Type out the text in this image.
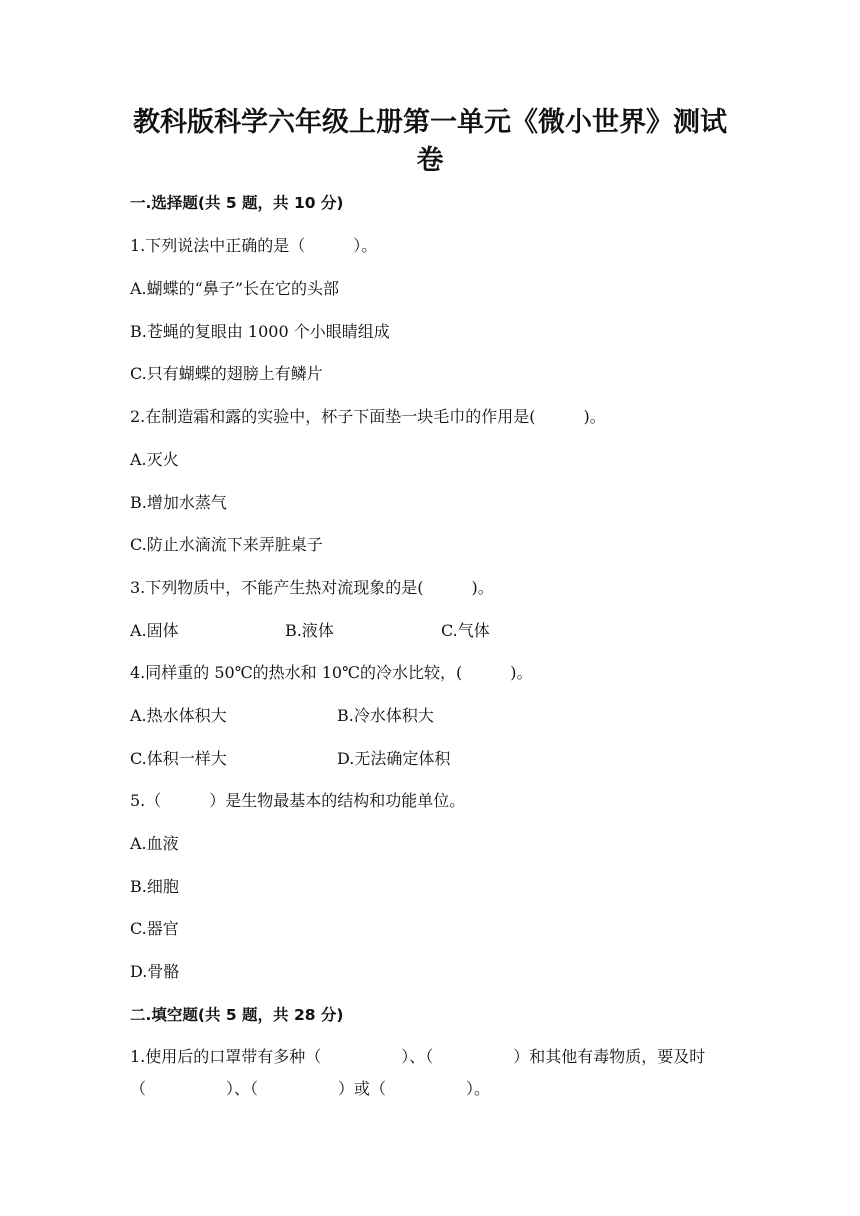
教科版科学六年级上册第一单元《微小世界》测试卷
一.选择题(共 5 题，共 10 分)
1.下列说法中正确的是（　　　）。
A.蝴蝶的“鼻子”长在它的头部
B.苍蝇的复眼由 1000 个小眼睛组成
C.只有蝴蝶的翅膀上有鳞片
2.在制造霜和露的实验中，杯子下面垫一块毛巾的作用是(　　　)。
A.灭火
B.增加水蒸气
C.防止水滴流下来弄脏桌子
3.下列物质中，不能产生热对流现象的是(　　　)。
A.固体	B.液体	C.气体
4.同样重的 50℃的热水和 10℃的冷水比较，(　　　)。
A.热水体积大	B.冷水体积大
C.体积一样大	D.无法确定体积
5.（　　　）是生物最基本的结构和功能单位。
A.血液
B.细胞
C.器官
D.骨骼
二.填空题(共 5 题，共 28 分)
1.使用后的口罩带有多种（　　　　　）、（　　　　　）和其他有毒物质，要及时（　　　　　）、（　　　　　）或（　　　　　）。
